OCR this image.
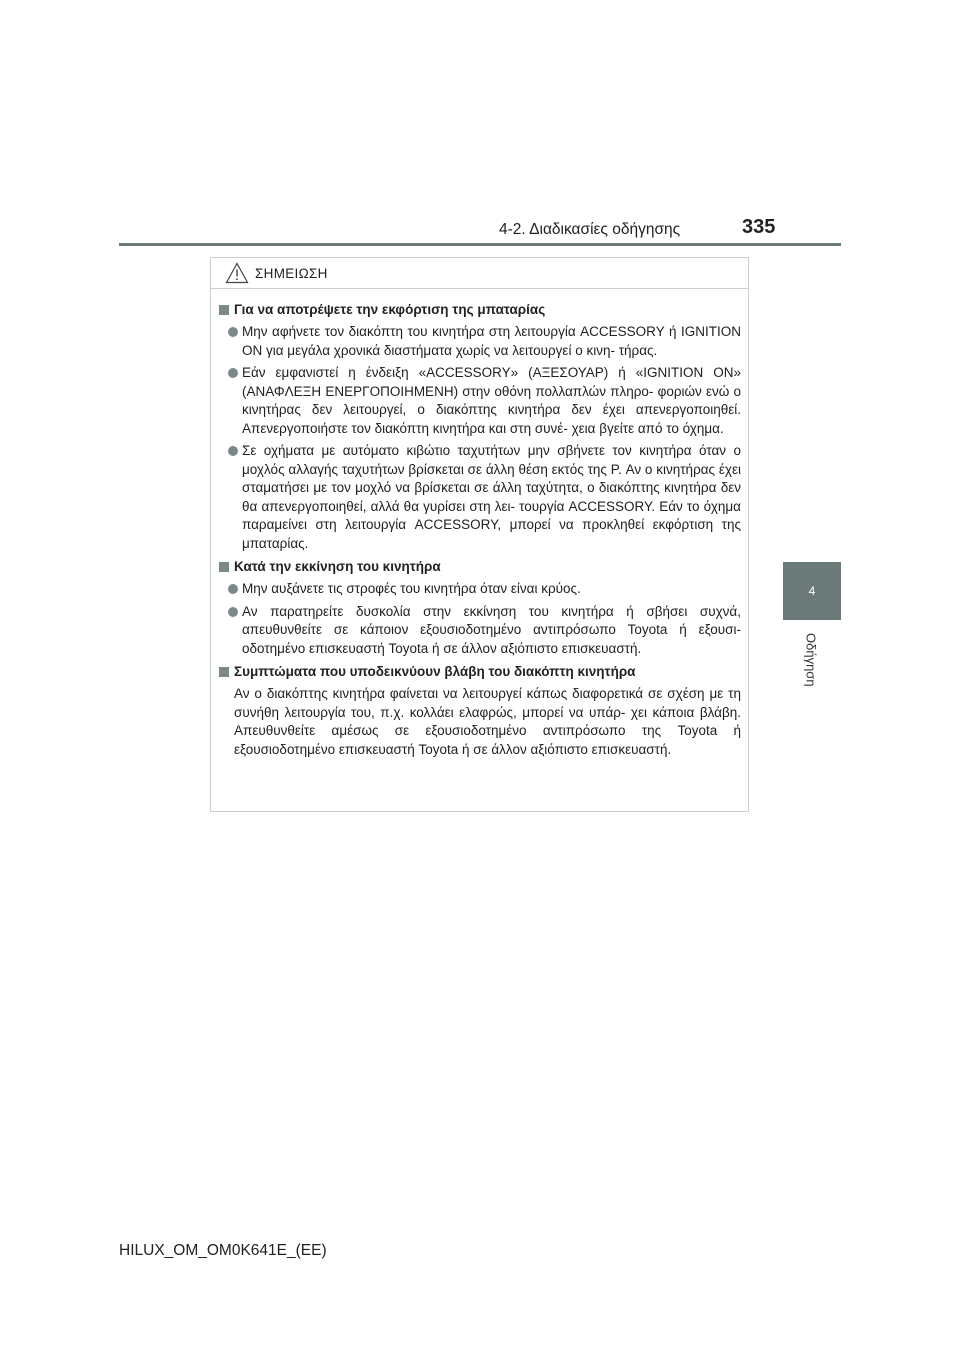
4-2. Διαδικασίες οδήγησης	335
4
Οδήγηση
ΣΗΜΕΙΩΣΗ
Για να αποτρέψετε την εκφόρτιση της μπαταρίας
Μην αφήνετε τον διακόπτη του κινητήρα στη λειτουργία ACCESSORY ή IGNITION ON για μεγάλα χρονικά διαστήματα χωρίς να λειτουργεί ο κινη- τήρας.
Εάν εμφανιστεί η ένδειξη «ACCESSORY» (ΑΞΕΣΟΥΑΡ) ή «IGNITION ON» (ΑΝΑΦΛΕΞΗ ΕΝΕΡΓΟΠΟΙΗΜΕΝΗ) στην οθόνη πολλαπλών πληρο- φοριών ενώ ο κινητήρας δεν λειτουργεί, ο διακόπτης κινητήρα δεν έχει απενεργοποιηθεί. Απενεργοποιήστε τον διακόπτη κινητήρα και στη συνέ- χεια βγείτε από το όχημα.
Σε οχήματα με αυτόματο κιβώτιο ταχυτήτων μην σβήνετε τον κινητήρα όταν ο μοχλός αλλαγής ταχυτήτων βρίσκεται σε άλλη θέση εκτός της P. Αν ο κινητήρας έχει σταματήσει με τον μοχλό να βρίσκεται σε άλλη ταχύτητα, ο διακόπτης κινητήρα δεν θα απενεργοποιηθεί, αλλά θα γυρίσει στη λει- τουργία ACCESSORY. Εάν το όχημα παραμείνει στη λειτουργία ACCESSORY, μπορεί να προκληθεί εκφόρτιση της μπαταρίας.
Κατά την εκκίνηση του κινητήρα
Μην αυξάνετε τις στροφές του κινητήρα όταν είναι κρύος.
Αν παρατηρείτε δυσκολία στην εκκίνηση του κινητήρα ή σβήσει συχνά, απευθυνθείτε σε κάποιον εξουσιοδοτημένο αντιπρόσωπο Toyota ή εξουσι- οδοτημένο επισκευαστή Toyota ή σε άλλον αξιόπιστο επισκευαστή.
Συμπτώματα που υποδεικνύουν βλάβη του διακόπτη κινητήρα
Αν ο διακόπτης κινητήρα φαίνεται να λειτουργεί κάπως διαφορετικά σε σχέση με τη συνήθη λειτουργία του, π.χ. κολλάει ελαφρώς, μπορεί να υπάρ- χει κάποια βλάβη. Απευθυνθείτε αμέσως σε εξουσιοδοτημένο αντιπρόσωπο της Toyota ή εξουσιοδοτημένο επισκευαστή Toyota ή σε άλλον αξιόπιστο επισκευαστή.
HILUX_OM_OM0K641E_(EE)
